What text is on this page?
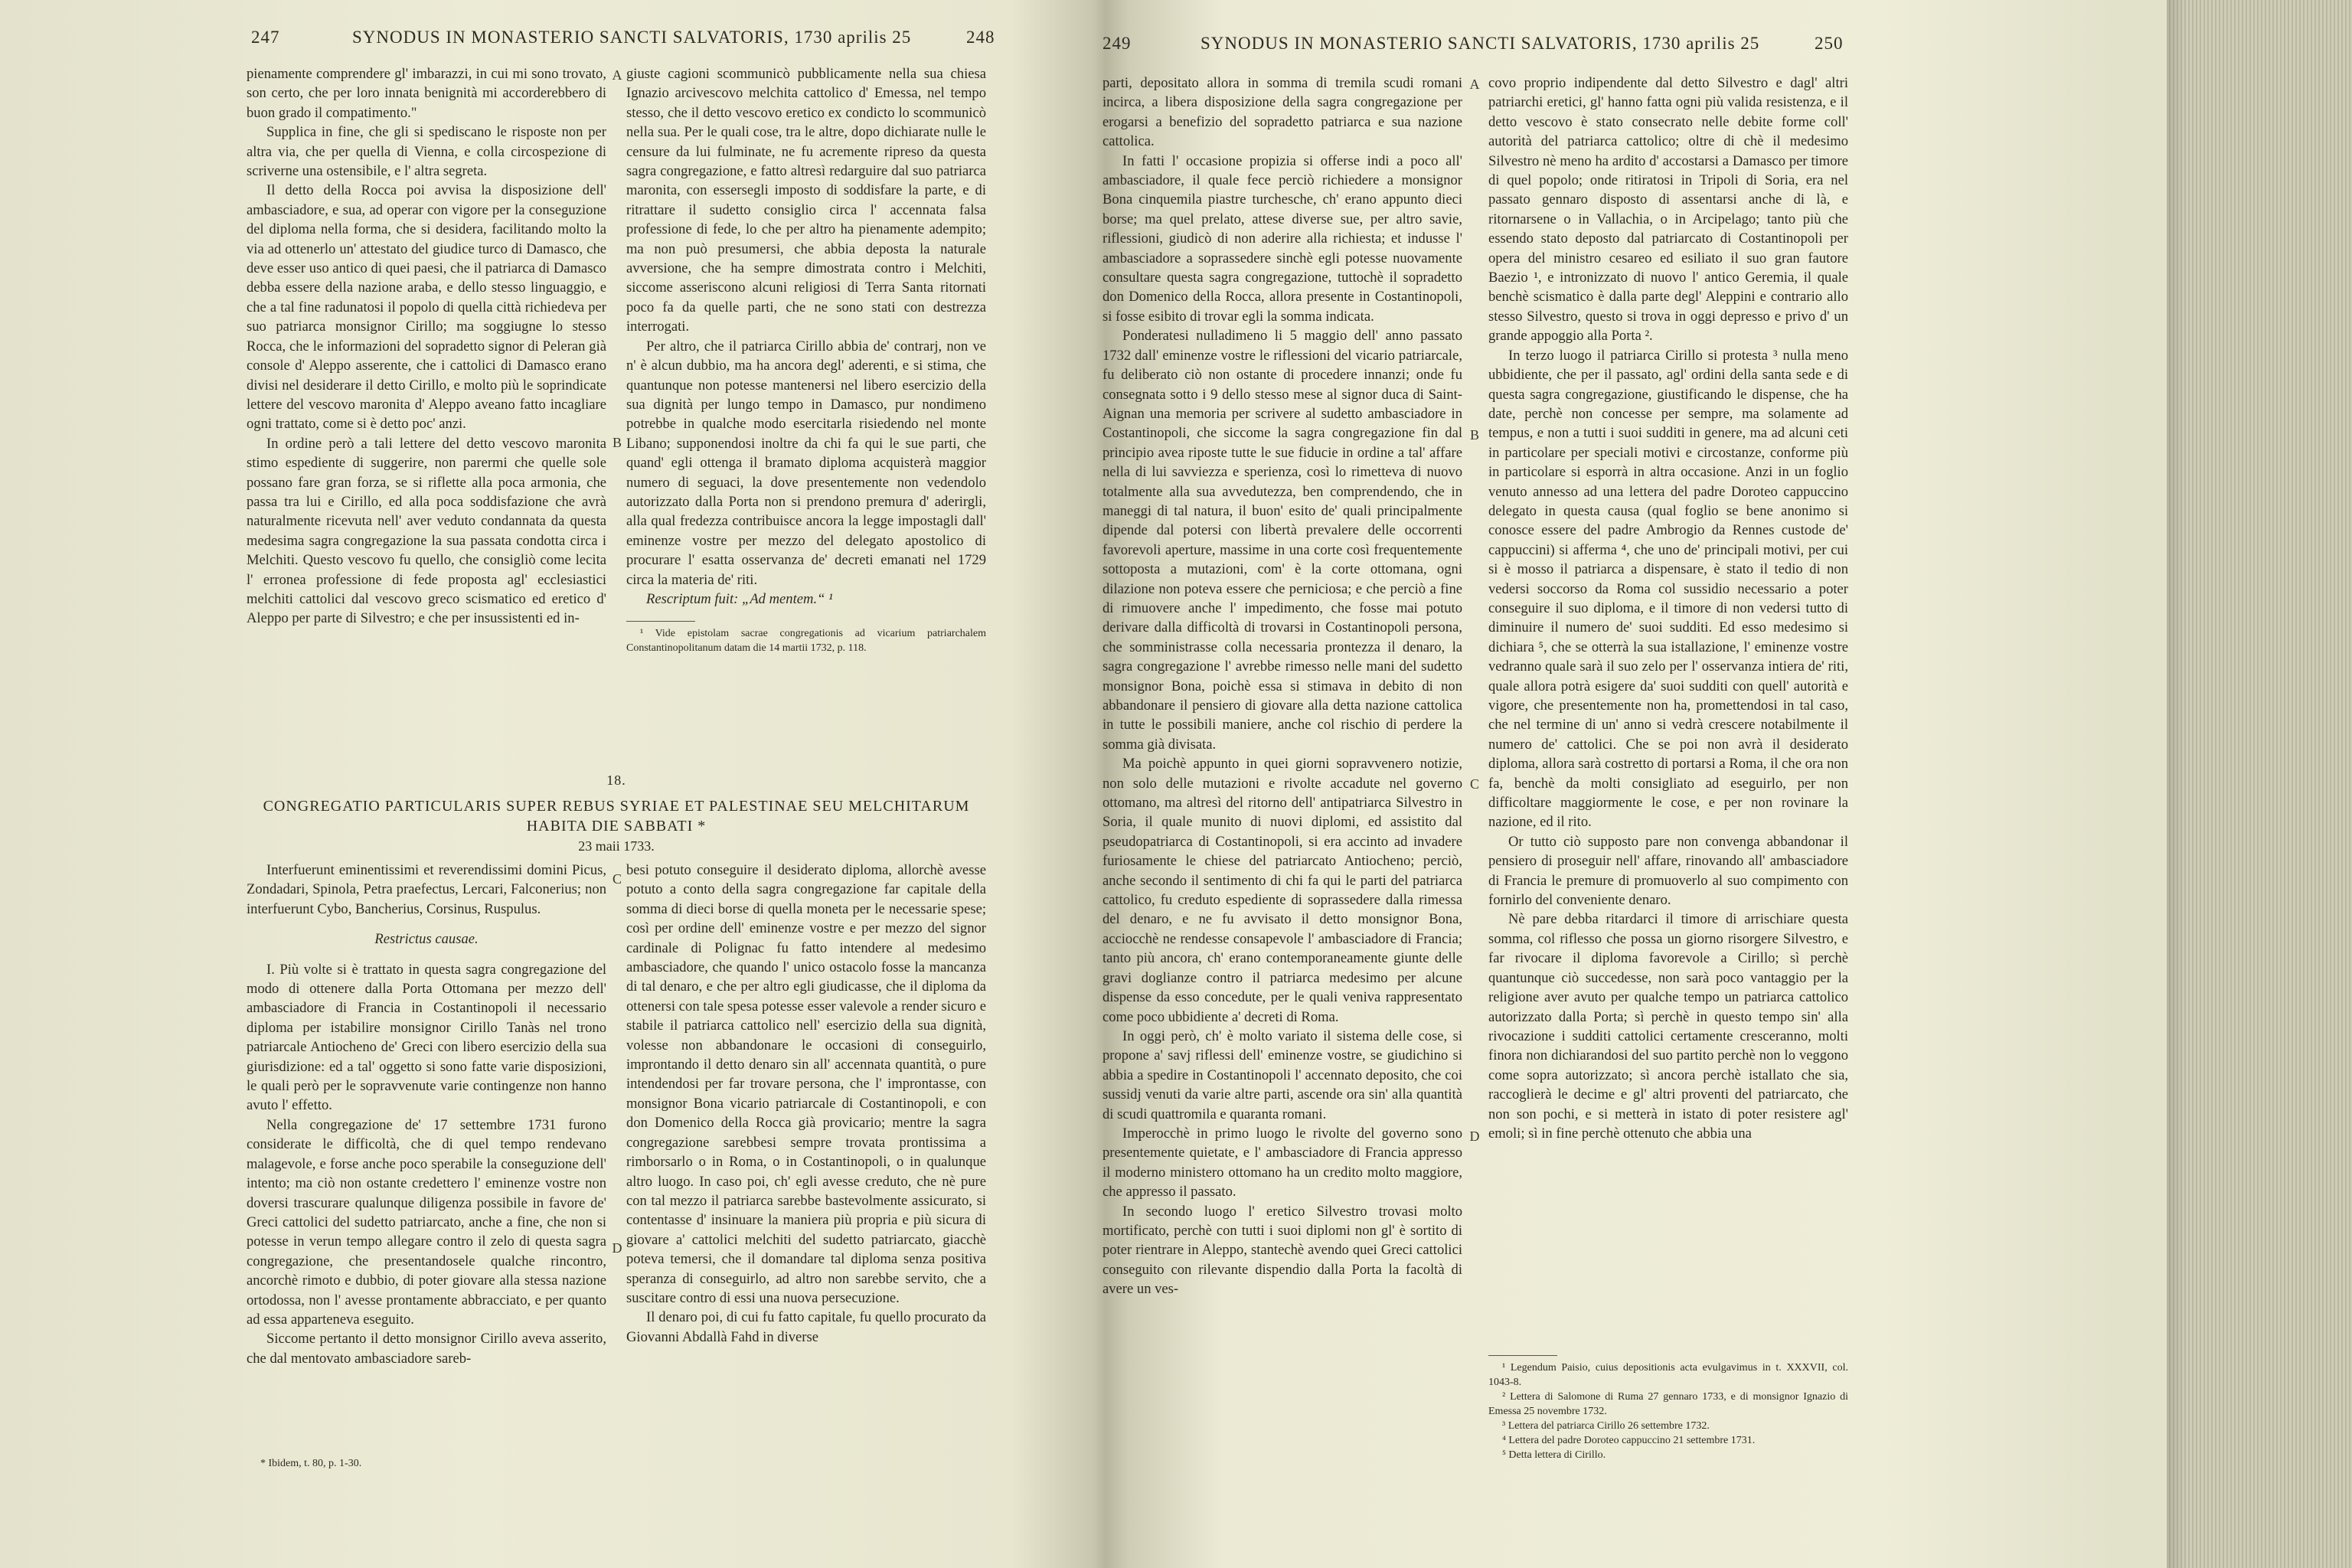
247	SYNODUS IN MONASTERIO SANCTI SALVATORIS, 1730 aprilis 25	248

pienamente comprendere gl' imbarazzi, in cui mi sono trovato, son certo, che per loro innata benignità mi accorderebbero di buon grado il compatimento."

Supplica in fine, che gli si spediscano le risposte non per altra via, che per quella di Vienna, e colla circospezione di scriverne una ostensibile, e l' altra segreta.

Il detto della Rocca poi avvisa la disposizione dell' ambasciadore, e sua, ad operar con vigore per la conseguzione del diploma nella forma, che si desidera, facilitando molto la via ad ottenerlo un' attestato del giudice turco di Damasco, che deve esser uso antico di quei paesi, che il patriarca di Damasco debba essere della nazione araba, e dello stesso linguaggio, e che a tal fine radunatosi il popolo di quella città richiedeva per suo patriarca monsignor Cirillo; ma soggiugne lo stesso Rocca, che le informazioni del sopradetto signor di Peleran già console d' Aleppo asserente, che i cattolici di Damasco erano divisi nel desiderare il detto Cirillo, e molto più le soprindicate lettere del vescovo maronita d' Aleppo aveano fatto incagliare ogni trattato, come si è detto poc' anzi.

In ordine però a tali lettere del detto vescovo maronita stimo espediente di suggerire, non parermi che quelle sole possano fare gran forza, se si riflette alla poca armonia, che passa tra lui e Cirillo, ed alla poca soddisfazione che avrà naturalmente ricevuta nell' aver veduto condannata da questa medesima sagra congregazione la sua passata condotta circa i Melchiti. Questo vescovo fu quello, che consigliò come lecita l' erronea professione di fede proposta agl' ecclesiastici melchiti cattolici dal vescovo greco scismatico ed eretico d' Aleppo per parte di Silvestro; e che per insussistenti ed in-

giuste cagioni scommunicò pubblicamente nella sua chiesa Ignazio arcivescovo melchita cattolico d' Emessa, nel tempo stesso, che il detto vescovo eretico ex condicto lo scommunicò nella sua. Per le quali cose, tra le altre, dopo dichiarate nulle le censure da lui fulminate, ne fu acremente ripreso da questa sagra congregazione, e fatto altresì redarguire dal suo patriarca maronita, con essersegli imposto di soddisfare la parte, e di ritrattare il sudetto consiglio circa l' accennata falsa professione di fede, lo che per altro ha pienamente adempito; ma non può presumersi, che abbia deposta la naturale avversione, che ha sempre dimostrata contro i Melchiti, siccome asseriscono alcuni religiosi di Terra Santa ritornati poco fa da quelle parti, che ne sono stati con destrezza interrogati.

Per altro, che il patriarca Cirillo abbia de' contrarj, non ve n' è alcun dubbio, ma ha ancora degl' aderenti, e si stima, che quantunque non potesse mantenersi nel libero esercizio della sua dignità per lungo tempo in Damasco, pur nondimeno potrebbe in qualche modo esercitarla risiedendo nel monte Libano; supponendosi inoltre da chi fa qui le sue parti, che quand' egli ottenga il bramato diploma acquisterà maggior numero di seguaci, la dove presentemente non vedendolo autorizzato dalla Porta non si prendono premura d' aderirgli, alla qual fredezza contribuisce ancora la legge impostagli dall' eminenze vostre per mezzo del delegato apostolico di procurare l' esatta osservanza de' decreti emanati nel 1729 circa la materia de' riti.

Rescriptum fuit: „Ad mentem.“ ¹

¹ Vide epistolam sacrae congregationis ad vicarium patriarchalem Constantinopolitanum datam die 14 martii 1732, p. 118.

18.
CONGREGATIO PARTICULARIS SUPER REBUS SYRIAE ET PALESTINAE SEU MELCHITARUM HABITA DIE SABBATI *
23 maii 1733.

Interfuerunt eminentissimi et reverendissimi domini Picus, Zondadari, Spinola, Petra praefectus, Lercari, Falconerius; non interfuerunt Cybo, Bancherius, Corsinus, Ruspulus.

Restrictus causae.

I. Più volte si è trattato in questa sagra congregazione del modo di ottenere dalla Porta Ottomana per mezzo dell' ambasciadore di Francia in Costantinopoli il necessario diploma per istabilire monsignor Cirillo Tanàs nel trono patriarcale Antiocheno de' Greci con libero esercizio della sua giurisdizione: ed a tal' oggetto si sono fatte varie disposizioni, le quali però per le sopravvenute varie contingenze non hanno avuto l' effetto.

Nella congregazione de' 17 settembre 1731 furono considerate le difficoltà, che di quel tempo rendevano malagevole, e forse anche poco sperabile la conseguzione dell' intento; ma ciò non ostante credettero l' eminenze vostre non doversi trascurare qualunque diligenza possibile in favore de' Greci cattolici del sudetto patriarcato, anche a fine, che non si potesse in verun tempo allegare contro il zelo di questa sagra congregazione, che presentandosele qualche rincontro, ancorchè rimoto e dubbio, di poter giovare alla stessa nazione ortodossa, non l' avesse prontamente abbracciato, e per quanto ad essa apparteneva eseguito.

Siccome pertanto il detto monsignor Cirillo aveva asserito, che dal mentovato ambasciadore sareb-

* Ibidem, t. 80, p. 1-30.

besi potuto conseguire il desiderato diploma, allorchè avesse potuto a conto della sagra congregazione far capitale della somma di dieci borse di quella moneta per le necessarie spese; così per ordine dell' eminenze vostre e per mezzo del signor cardinale di Polignac fu fatto intendere al medesimo ambasciadore, che quando l' unico ostacolo fosse la mancanza di tal denaro, e che per altro egli giudicasse, che il diploma da ottenersi con tale spesa potesse esser valevole a render sicuro e stabile il patriarca cattolico nell' esercizio della sua dignità, volesse non abbandonare le occasioni di conseguirlo, improntando il detto denaro sin all' accennata quantità, o pure intendendosi per far trovare persona, che l' improntasse, con monsignor Bona vicario patriarcale di Costantinopoli, e con don Domenico della Rocca già provicario; mentre la sagra congregazione sarebbesi sempre trovata prontissima a rimborsarlo o in Roma, o in Costantinopoli, o in qualunque altro luogo. In caso poi, ch' egli avesse creduto, che nè pure con tal mezzo il patriarca sarebbe bastevolmente assicurato, si contentasse d' insinuare la maniera più propria e più sicura di giovare a' cattolici melchiti del sudetto patriarcato, giacchè poteva temersi, che il domandare tal diploma senza positiva speranza di conseguirlo, ad altro non sarebbe servito, che a suscitare contro di essi una nuova persecuzione.

Il denaro poi, di cui fu fatto capitale, fu quello procurato da Giovanni Abdallà Fahd in diverse

A
B
C
D
249	SYNODUS IN MONASTERIO SANCTI SALVATORIS, 1730 aprilis 25	250

parti, depositato allora in somma di tremila scudi romani incirca, a libera disposizione della sagra congregazione per erogarsi a benefizio del sopradetto patriarca e sua nazione cattolica.

In fatti l' occasione propizia si offerse indi a poco all' ambasciadore, il quale fece perciò richiedere a monsignor Bona cinquemila piastre turchesche, ch' erano appunto dieci borse; ma quel prelato, attese diverse sue, per altro savie, riflessioni, giudicò di non aderire alla richiesta; et indusse l' ambasciadore a soprassedere sinchè egli potesse nuovamente consultare questa sagra congregazione, tuttochè il sopradetto don Domenico della Rocca, allora presente in Costantinopoli, si fosse esibito di trovar egli la somma indicata.

Ponderatesi nulladimeno li 5 maggio dell' anno passato 1732 dall' eminenze vostre le riflessioni del vicario patriarcale, fu deliberato ciò non ostante di procedere innanzi; onde fu consegnata sotto i 9 dello stesso mese al signor duca di Saint-Aignan una memoria per scrivere al sudetto ambasciadore in Costantinopoli, che siccome la sagra congregazione fin dal principio avea riposte tutte le sue fiducie in ordine a tal' affare nella di lui savviezza e sperienza, così lo rimetteva di nuovo totalmente alla sua avvedutezza, ben comprendendo, che in maneggi di tal natura, il buon' esito de' quali principalmente dipende dal potersi con libertà prevalere delle occorrenti favorevoli aperture, massime in una corte così frequentemente sottoposta a mutazioni, com' è la corte ottomana, ogni dilazione non poteva essere che perniciosa; e che perciò a fine di rimuovere anche l' impedimento, che fosse mai potuto derivare dalla difficoltà di trovarsi in Costantinopoli persona, che somministrasse colla necessaria prontezza il denaro, la sagra congregazione l' avrebbe rimesso nelle mani del sudetto monsignor Bona, poichè essa si stimava in debito di non abbandonare il pensiero di giovare alla detta nazione cattolica in tutte le possibili maniere, anche col rischio di perdere la somma già divisata.

Ma poichè appunto in quei giorni sopravvenero notizie, non solo delle mutazioni e rivolte accadute nel governo ottomano, ma altresì del ritorno dell' antipatriarca Silvestro in Soria, il quale munito di nuovi diplomi, ed assistito dal pseudopatriarca di Costantinopoli, si era accinto ad invadere furiosamente le chiese del patriarcato Antiocheno; perciò, anche secondo il sentimento di chi fa qui le parti del patriarca cattolico, fu creduto espediente di soprassedere dalla rimessa del denaro, e ne fu avvisato il detto monsignor Bona, acciocchè ne rendesse consapevole l' ambasciadore di Francia; tanto più ancora, ch' erano contemporaneamente giunte delle gravi doglianze contro il patriarca medesimo per alcune dispense da esso concedute, per le quali veniva rappresentato come poco ubbidiente a' decreti di Roma.

In oggi però, ch' è molto variato il sistema delle cose, si propone a' savj riflessi dell' eminenze vostre, se giudichino si abbia a spedire in Costantinopoli l' accennato deposito, che coi sussidj venuti da varie altre parti, ascende ora sin' alla quantità di scudi quattromila e quaranta romani.

Imperocchè in primo luogo le rivolte del governo sono presentemente quietate, e l' ambasciadore di Francia appresso il moderno ministero ottomano ha un credito molto maggiore, che appresso il passato.

In secondo luogo l' eretico Silvestro trovasi molto mortificato, perchè con tutti i suoi diplomi non gl' è sortito di poter rientrare in Aleppo, stantechè avendo quei Greci cattolici conseguito con rilevante dispendio dalla Porta la facoltà di avere un ves-

covo proprio indipendente dal detto Silvestro e dagl' altri patriarchi eretici, gl' hanno fatta ogni più valida resistenza, e il detto vescovo è stato consecrato nelle debite forme coll' autorità del patriarca cattolico; oltre di chè il medesimo Silvestro nè meno ha ardito d' accostarsi a Damasco per timore di quel popolo; onde ritiratosi in Tripoli di Soria, era nel passato gennaro disposto di assentarsi anche di là, e ritornarsene o in Vallachia, o in Arcipelago; tanto più che essendo stato deposto dal patriarcato di Costantinopoli per opera del ministro cesareo ed esiliato il suo gran fautore Baezio ¹, e intronizzato di nuovo l' antico Geremia, il quale benchè scismatico è dalla parte degl' Aleppini e contrario allo stesso Silvestro, questo si trova in oggi depresso e privo d' un grande appoggio alla Porta ².

In terzo luogo il patriarca Cirillo si protesta ³ nulla meno ubbidiente, che per il passato, agl' ordini della santa sede e di questa sagra congregazione, giustificando le dispense, che ha date, perchè non concesse per sempre, ma solamente ad tempus, e non a tutti i suoi sudditi in genere, ma ad alcuni ceti in particolare per speciali motivi e circostanze, conforme più in particolare si esporrà in altra occasione. Anzi in un foglio venuto annesso ad una lettera del padre Doroteo cappuccino delegato in questa causa (qual foglio se bene anonimo si conosce essere del padre Ambrogio da Rennes custode de' cappuccini) si afferma ⁴, che uno de' principali motivi, per cui si è mosso il patriarca a dispensare, è stato il tedio di non vedersi soccorso da Roma col sussidio necessario a poter conseguire il suo diploma, e il timore di non vedersi tutto di diminuire il numero de' suoi sudditi. Ed esso medesimo si dichiara ⁵, che se otterrà la sua istallazione, l' eminenze vostre vedranno quale sarà il suo zelo per l' osservanza intiera de' riti, quale allora potrà esigere da' suoi sudditi con quell' autorità e vigore, che presentemente non ha, promettendosi in tal caso, che nel termine di un' anno si vedrà crescere notabilmente il numero de' cattolici. Che se poi non avrà il desiderato diploma, allora sarà costretto di portarsi a Roma, il che ora non fa, benchè da molti consigliato ad eseguirlo, per non difficoltare maggiormente le cose, e per non rovinare la nazione, ed il rito.

Or tutto ciò supposto pare non convenga abbandonar il pensiero di proseguir nell' affare, rinovando all' ambasciadore di Francia le premure di promuoverlo al suo compimento con fornirlo del conveniente denaro.

Nè pare debba ritardarci il timore di arrischiare questa somma, col riflesso che possa un giorno risorgere Silvestro, e far rivocare il diploma favorevole a Cirillo; sì perchè quantunque ciò succedesse, non sarà poco vantaggio per la religione aver avuto per qualche tempo un patriarca cattolico autorizzato dalla Porta; sì perchè in questo tempo sin' alla rivocazione i sudditi cattolici certamente cresceranno, molti finora non dichiarandosi del suo partito perchè non lo veggono come sopra autorizzato; sì ancora perchè istallato che sia, raccoglierà le decime e gl' altri proventi del patriarcato, che non son pochi, e si metterà in istato di poter resistere agl' emoli; sì in fine perchè ottenuto che abbia una

¹ Legendum Paisio, cuius depositionis acta evulgavimus in t. XXXVII, col. 1043-8.

² Lettera di Salomone di Ruma 27 gennaro 1733, e di monsignor Ignazio di Emessa 25 novembre 1732.

³ Lettera del patriarca Cirillo 26 settembre 1732.

⁴ Lettera del padre Doroteo cappuccino 21 settembre 1731.

⁵ Detta lettera di Cirillo.

A
B
C
D
